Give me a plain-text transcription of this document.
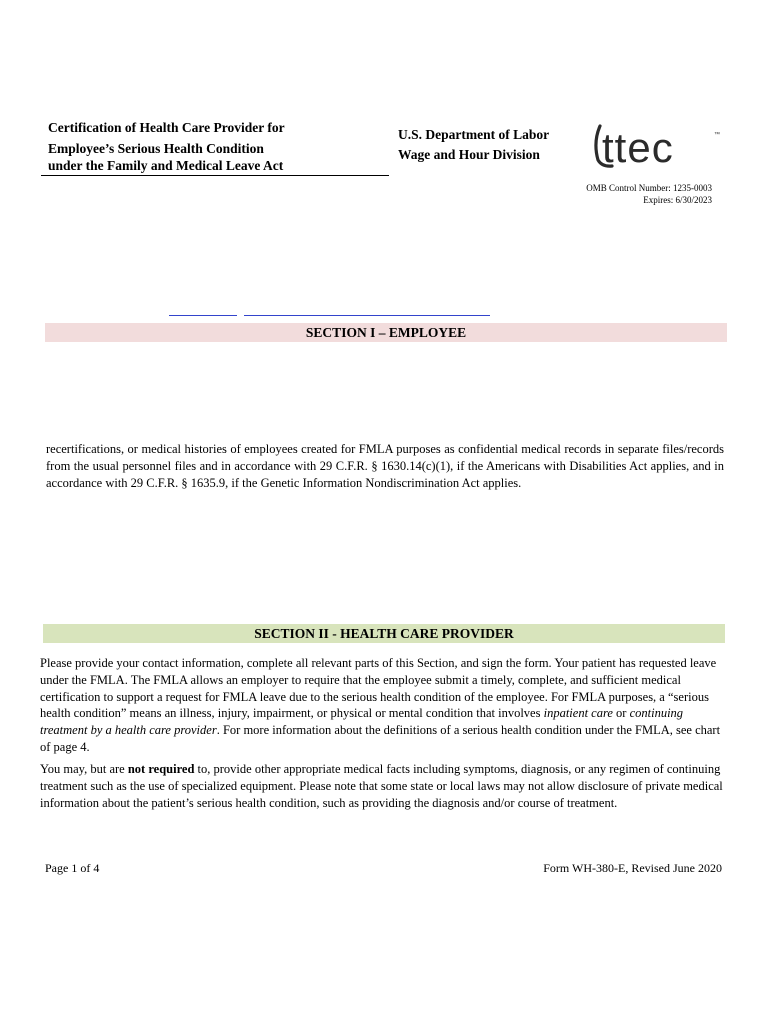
Certification of Health Care Provider for
Employee’s Serious Health Condition
under the Family and Medical Leave Act
U.S. Department of Labor
Wage and Hour Division ttec	™
OMB Control Number: 1235-0003
Expires: 6/30/2023
SECTION I – EMPLOYEE
recertifications, or medical histories of employees created for FMLA purposes as confidential medical records in separate files/records from the usual personnel files and in accordance with 29 C.F.R. § 1630.14(c)(1), if the Americans with Disabilities Act applies, and in accordance with 29 C.F.R. § 1635.9, if the Genetic Information Nondiscrimination Act applies.
SECTION II - HEALTH CARE PROVIDER
Please provide your contact information, complete all relevant parts of this Section, and sign the form. Your patient has requested leave under the FMLA. The FMLA allows an employer to require that the employee submit a timely, complete, and sufficient medical certification to support a request for FMLA leave due to the serious health condition of the employee. For FMLA purposes, a “serious health condition” means an illness, injury, impairment, or physical or mental condition that involves inpatient care or continuing treatment by a health care provider. For more information about the definitions of a serious health condition under the FMLA, see chart of page 4.
You may, but are not required to, provide other appropriate medical facts including symptoms, diagnosis, or any regimen of continuing treatment such as the use of specialized equipment. Please note that some state or local laws may not allow disclosure of private medical information about the patient’s serious health condition, such as providing the diagnosis and/or course of treatment.
Page 1 of 4	Form WH-380-E, Revised June 2020
